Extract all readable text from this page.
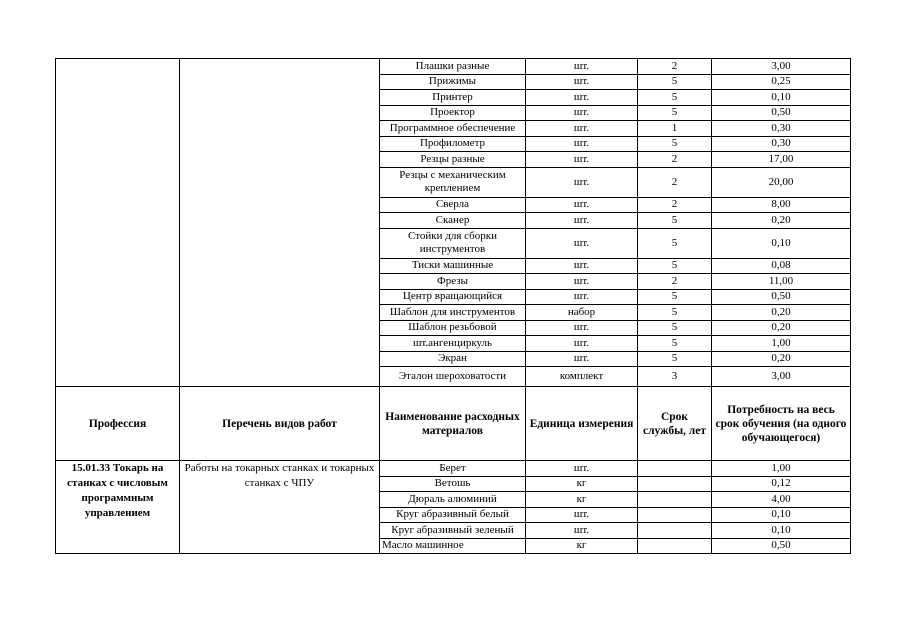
		Плашки разные	шт.	2	3,00
		Прижимы	шт.	5	0,25
		Принтер	шт.	5	0,10
		Проектор	шт.	5	0,50
		Программное обеспечение	шт.	1	0,30
		Профилометр	шт.	5	0,30
		Резцы разные	шт.	2	17,00
		Резцы с механическим креплением	шт.	2	20,00
		Сверла	шт.	2	8,00
		Сканер	шт.	5	0,20
		Стойки для сборки инструментов	шт.	5	0,10
		Тиски машинные	шт.	5	0,08
		Фрезы	шт.	2	11,00
		Центр вращающийся	шт.	5	0,50
		Шаблон для инструментов	набор	5	0,20
		Шаблон резьбовой	шт.	5	0,20
		шт.ангенциркуль	шт.	5	1,00
		Экран	шт.	5	0,20
		Эталон шероховатости	комплект	3	3,00
Профессия	Перечень видов работ	Наименование расходных материалов	Единица измерения	Срок службы, лет	Потребность на весь срок обучения (на одного обучающегося)
15.01.33 Токарь на станках с числовым программным управлением	Работы на токарных станках и токарных станках с ЧПУ	Берет	шт.		1,00
		Ветошь	кг		0,12
		Дюраль алюминий	кг		4,00
		Круг абразивный белый	шт.		0,10
		Круг абразивный зеленый	шт.		0,10
		Масло машинное	кг		0,50
